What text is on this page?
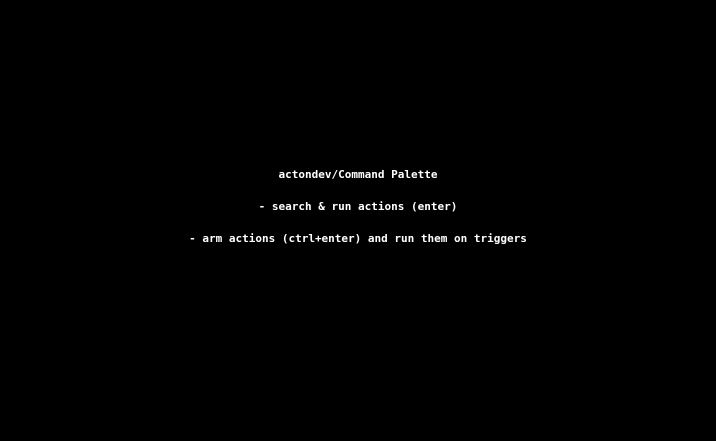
actondev/Command Palette
- search & run actions (enter)
- arm actions (ctrl+enter) and run them on triggers
